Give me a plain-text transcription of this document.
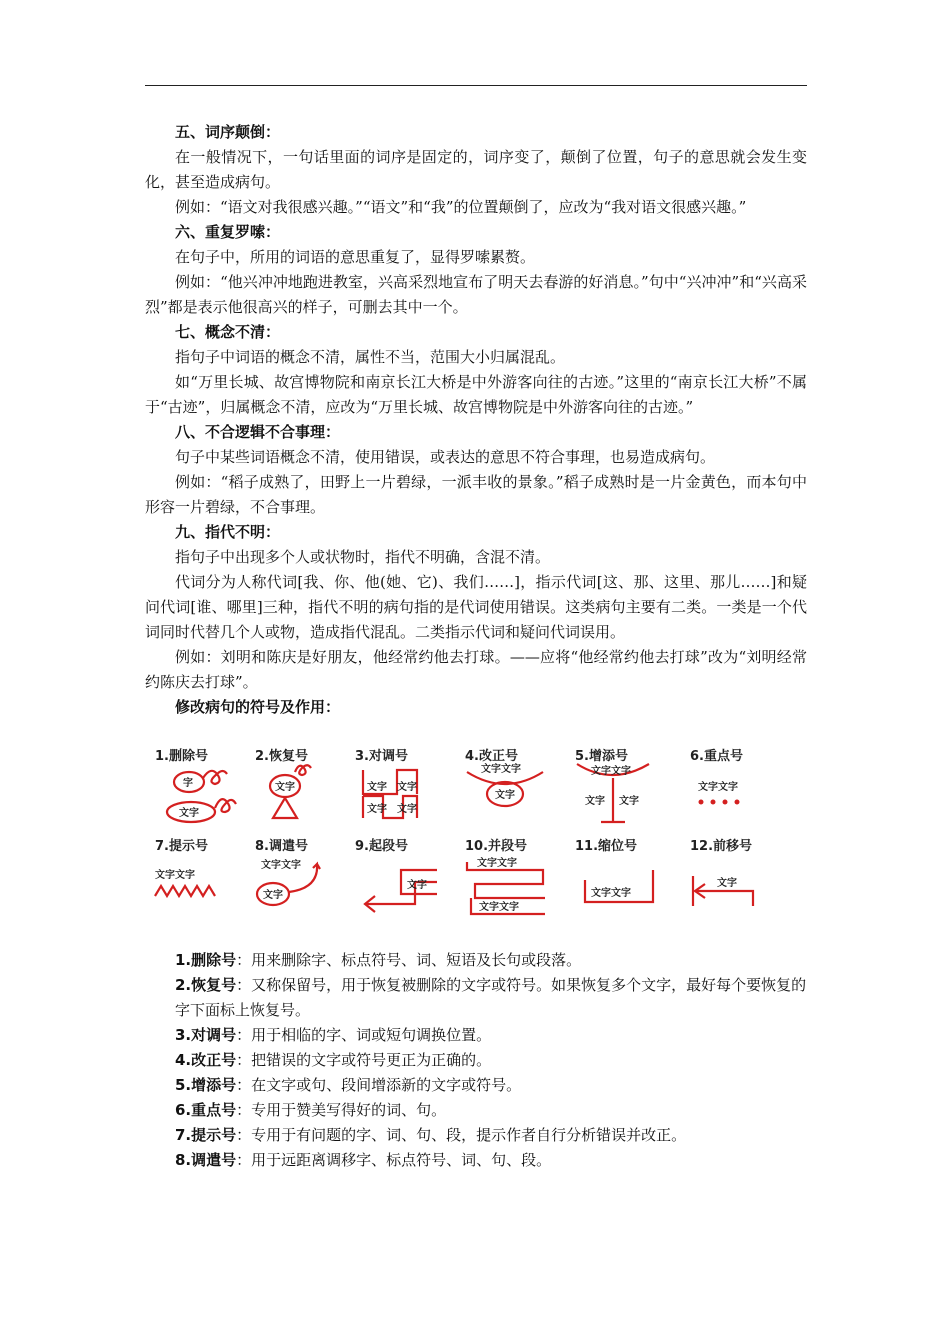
五、词序颠倒：
在一般情况下，一句话里面的词序是固定的，词序变了，颠倒了位置，句子的意思就会发生变化，甚至造成病句。
例如：“语文对我很感兴趣。”“语文”和“我”的位置颠倒了，应改为“我对语文很感兴趣。”
六、重复罗嗦：
在句子中，所用的词语的意思重复了，显得罗嗦累赘。
例如：“他兴冲冲地跑进教室，兴高采烈地宣布了明天去春游的好消息。”句中“兴冲冲”和“兴高采烈”都是表示他很高兴的样子，可删去其中一个。
七、概念不清：
指句子中词语的概念不清，属性不当，范围大小归属混乱。
如“万里长城、故宫博物院和南京长江大桥是中外游客向往的古迹。”这里的“南京长江大桥”不属于“古迹”，归属概念不清，应改为“万里长城、故宫博物院是中外游客向往的古迹。”
八、不合逻辑不合事理：
句子中某些词语概念不清，使用错误，或表达的意思不符合事理，也易造成病句。
例如：“稻子成熟了，田野上一片碧绿，一派丰收的景象。”稻子成熟时是一片金黄色，而本句中形容一片碧绿，不合事理。
九、指代不明：
指句子中出现多个人或状物时，指代不明确，含混不清。
代词分为人称代词[我、你、他(她、它)、我们……]，指示代词[这、那、这里、那儿……]和疑问代词[谁、哪里]三种，指代不明的病句指的是代词使用错误。这类病句主要有二类。一类是一个代词同时代替几个人或物，造成指代混乱。二类指示代词和疑问代词误用。
例如：刘明和陈庆是好朋友，他经常约他去打球。——应将“他经常约他去打球”改为“刘明经常约陈庆去打球”。
修改病句的符号及作用：
1.删除号	2.恢复号	3.对调号	4.改正号	5.增添号	6.重点号
7.提示号	8.调遣号	9.起段号	10.并段号	11.缩位号	12.前移号
字
文字
文字	文字 文字
文字 文字
文字文字
文字
文字文字
文字 文字
文字文字
文字文字
文字文字
文字
文字
文字文字
文字文字
文字文字
文字
1.删除号：用来删除字、标点符号、词、短语及长句或段落。
2.恢复号：又称保留号，用于恢复被删除的文字或符号。如果恢复多个文字，最好每个要恢复的字下面标上恢复号。
3.对调号：用于相临的字、词或短句调换位置。
4.改正号：把错误的文字或符号更正为正确的。
5.增添号：在文字或句、段间增添新的文字或符号。
6.重点号：专用于赞美写得好的词、句。
7.提示号：专用于有问题的字、词、句、段，提示作者自行分析错误并改正。
8.调遣号：用于远距离调移字、标点符号、词、句、段。
